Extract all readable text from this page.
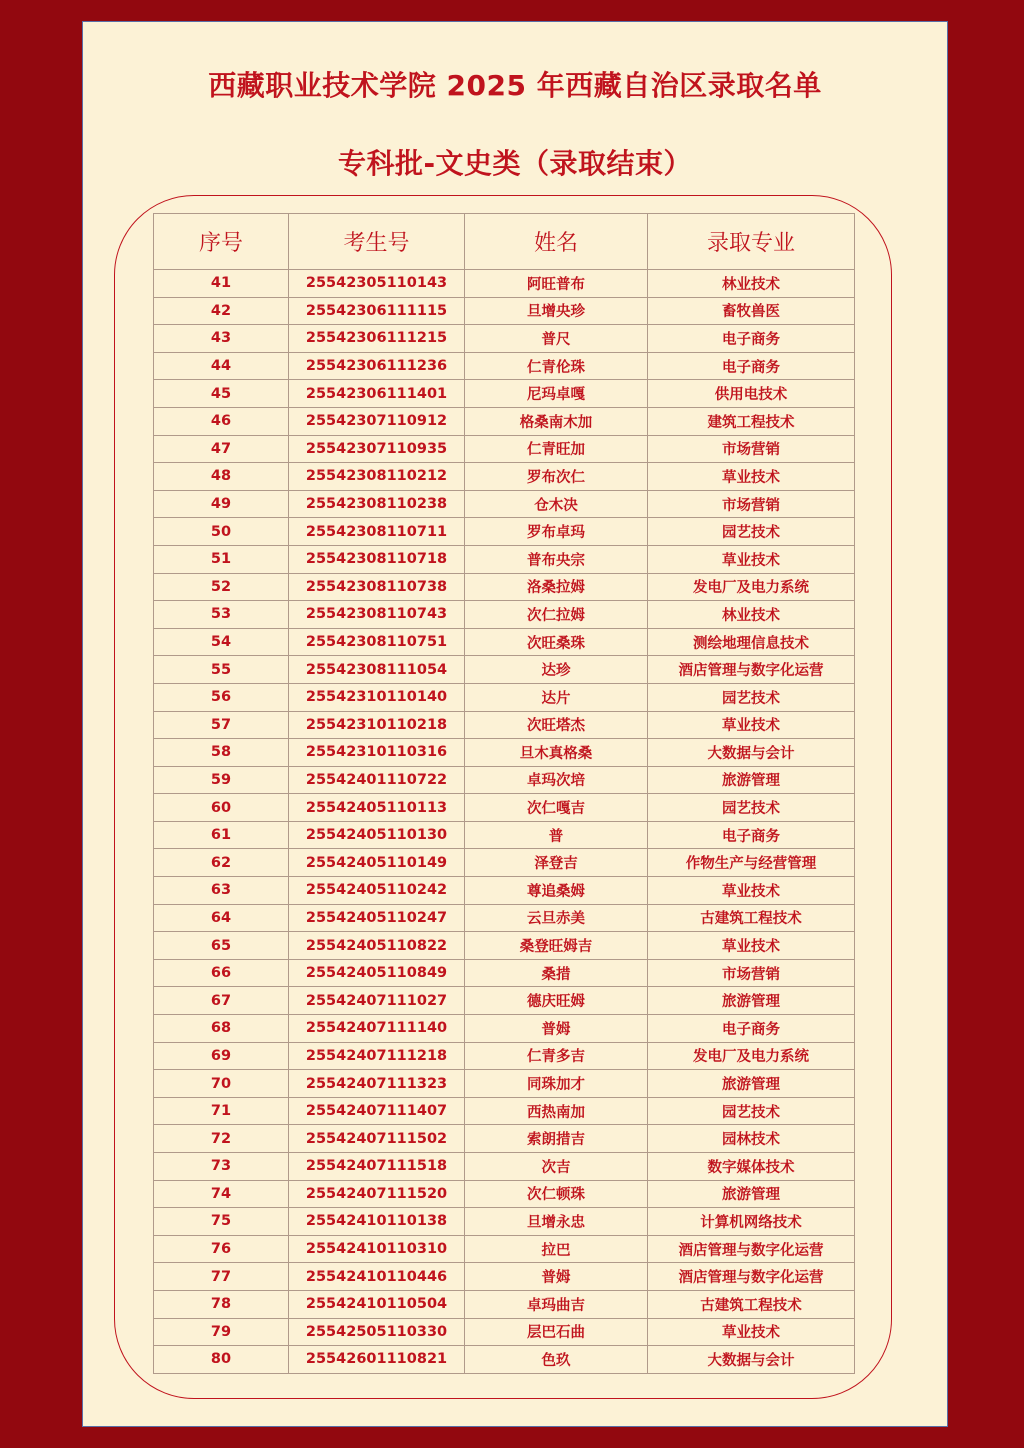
西藏职业技术学院 2025 年西藏自治区录取名单
专科批-文史类（录取结束）
序号	考生号	姓名	录取专业
41	25542305110143	阿旺普布	林业技术
42	25542306111115	旦增央珍	畜牧兽医
43	25542306111215	普尺	电子商务
44	25542306111236	仁青伦珠	电子商务
45	25542306111401	尼玛卓嘎	供用电技术
46	25542307110912	格桑南木加	建筑工程技术
47	25542307110935	仁青旺加	市场营销
48	25542308110212	罗布次仁	草业技术
49	25542308110238	仓木决	市场营销
50	25542308110711	罗布卓玛	园艺技术
51	25542308110718	普布央宗	草业技术
52	25542308110738	洛桑拉姆	发电厂及电力系统
53	25542308110743	次仁拉姆	林业技术
54	25542308110751	次旺桑珠	测绘地理信息技术
55	25542308111054	达珍	酒店管理与数字化运营
56	25542310110140	达片	园艺技术
57	25542310110218	次旺塔杰	草业技术
58	25542310110316	旦木真格桑	大数据与会计
59	25542401110722	卓玛次培	旅游管理
60	25542405110113	次仁嘎吉	园艺技术
61	25542405110130	普	电子商务
62	25542405110149	泽登吉	作物生产与经营管理
63	25542405110242	尊追桑姆	草业技术
64	25542405110247	云旦赤美	古建筑工程技术
65	25542405110822	桑登旺姆吉	草业技术
66	25542405110849	桑措	市场营销
67	25542407111027	德庆旺姆	旅游管理
68	25542407111140	普姆	电子商务
69	25542407111218	仁青多吉	发电厂及电力系统
70	25542407111323	同珠加才	旅游管理
71	25542407111407	西热南加	园艺技术
72	25542407111502	索朗措吉	园林技术
73	25542407111518	次吉	数字媒体技术
74	25542407111520	次仁顿珠	旅游管理
75	25542410110138	旦增永忠	计算机网络技术
76	25542410110310	拉巴	酒店管理与数字化运营
77	25542410110446	普姆	酒店管理与数字化运营
78	25542410110504	卓玛曲吉	古建筑工程技术
79	25542505110330	层巴石曲	草业技术
80	25542601110821	色玖	大数据与会计
